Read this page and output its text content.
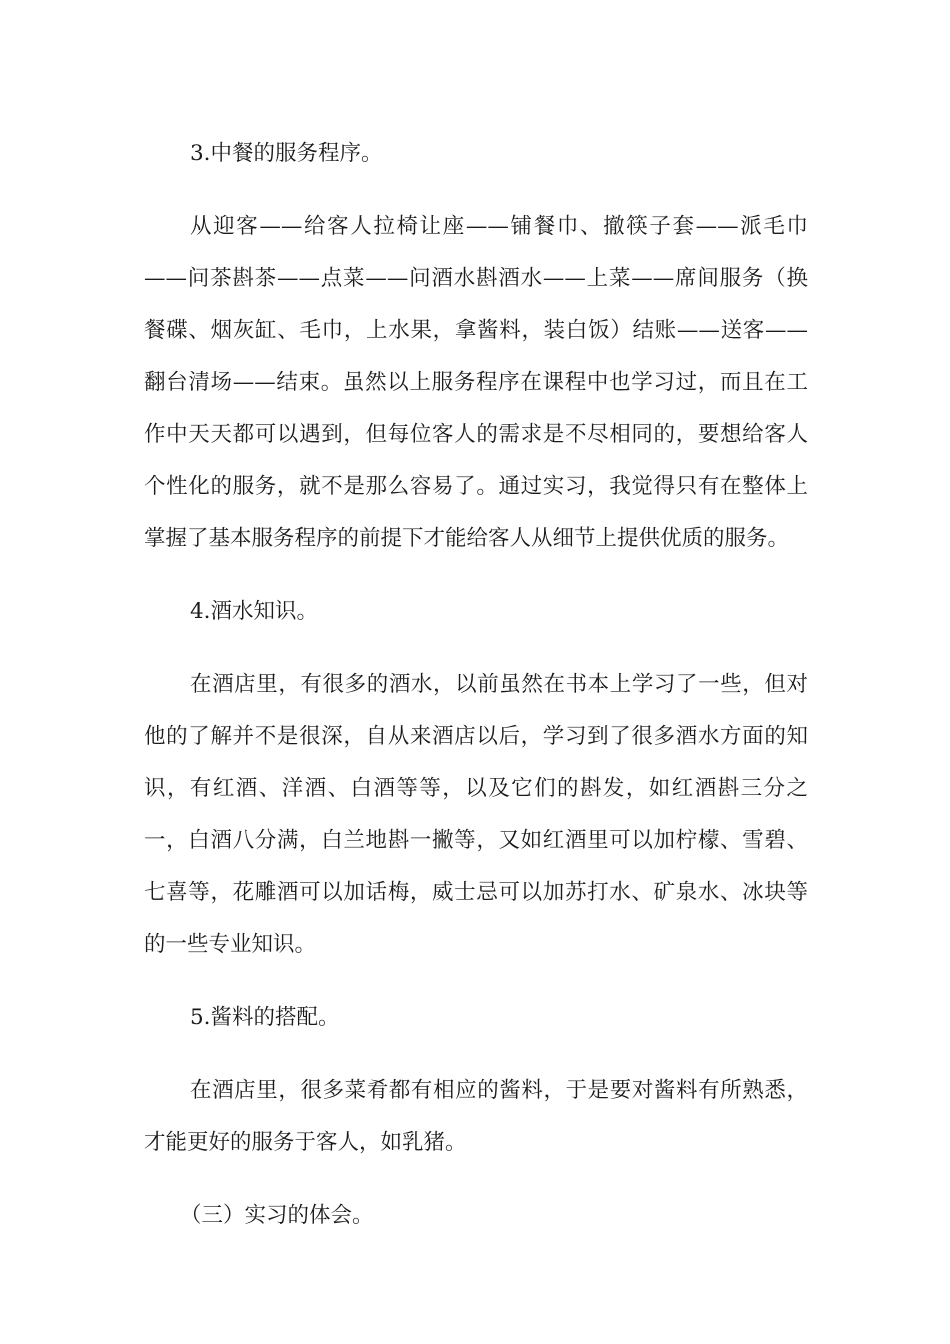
3.中餐的服务程序。

从迎客——给客人拉椅让座——铺餐巾、撤筷子套——派毛巾——问茶斟茶——点菜——问酒水斟酒水——上菜——席间服务（换餐碟、烟灰缸、毛巾，上水果，拿酱料，装白饭）结账——送客——翻台清场——结束。虽然以上服务程序在课程中也学习过，而且在工作中天天都可以遇到，但每位客人的需求是不尽相同的，要想给客人个性化的服务，就不是那么容易了。通过实习，我觉得只有在整体上掌握了基本服务程序的前提下才能给客人从细节上提供优质的服务。

4.酒水知识。

在酒店里，有很多的酒水，以前虽然在书本上学习了一些，但对他的了解并不是很深，自从来酒店以后，学习到了很多酒水方面的知识，有红酒、洋酒、白酒等等，以及它们的斟发，如红酒斟三分之一，白酒八分满，白兰地斟一撇等，又如红酒里可以加柠檬、雪碧、七喜等，花雕酒可以加话梅，威士忌可以加苏打水、矿泉水、冰块等的一些专业知识。

5.酱料的搭配。

在酒店里，很多菜肴都有相应的酱料，于是要对酱料有所熟悉，才能更好的服务于客人，如乳猪。

（三）实习的体会。
